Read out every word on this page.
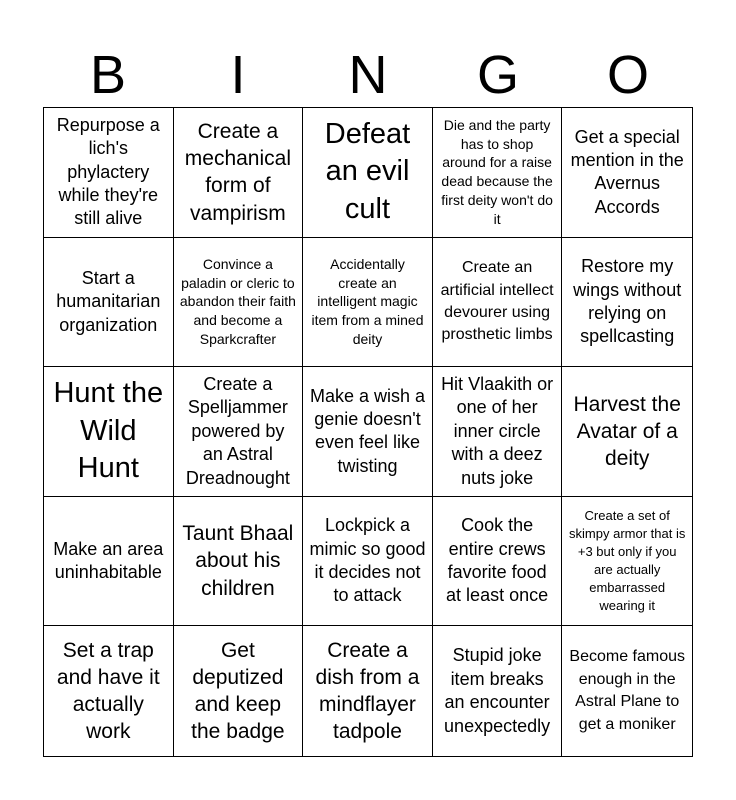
B	I	N	G	O
Repurpose a lich's phylactery while they're still alive
Create a mechanical form of vampirism
Defeat an evil cult
Die and the party has to shop around for a raise dead because the first deity won't do it
Get a special mention in the Avernus Accords
Start a humanitarian organization
Convince a paladin or cleric to abandon their faith and become a Sparkcrafter
Accidentally create an intelligent magic item from a mined deity
Create an artificial intellect devourer using prosthetic limbs
Restore my wings without relying on spellcasting
Hunt the Wild Hunt
Create a Spelljammer powered by an Astral Dreadnought
Make a wish a genie doesn't even feel like twisting
Hit Vlaakith or one of her inner circle with a deez nuts joke
Harvest the Avatar of a deity
Make an area uninhabitable
Taunt Bhaal about his children
Lockpick a mimic so good it decides not to attack
Cook the entire crews favorite food at least once
Create a set of skimpy armor that is +3 but only if you are actually embarrassed wearing it
Set a trap and have it actually work
Get deputized and keep the badge
Create a dish from a mindflayer tadpole
Stupid joke item breaks an encounter unexpectedly
Become famous enough in the Astral Plane to get a moniker
